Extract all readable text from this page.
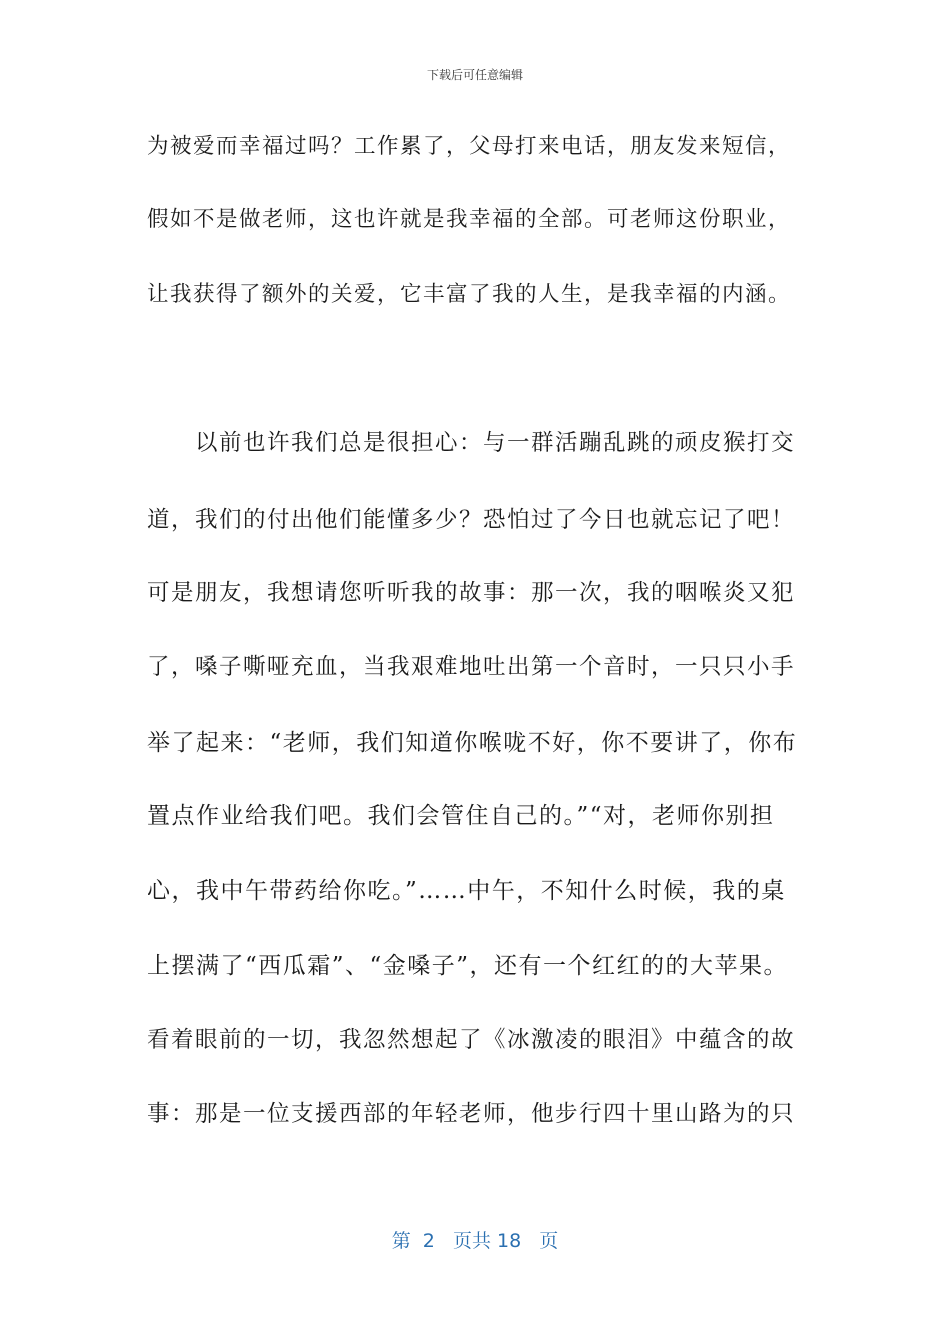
下载后可任意编辑
为被爱而幸福过吗？工作累了，父母打来电话，朋友发来短信，
假如不是做老师，这也许就是我幸福的全部。可老师这份职业，
让我获得了额外的关爱，它丰富了我的人生，是我幸福的内涵。
以前也许我们总是很担心：与一群活蹦乱跳的顽皮猴打交
道，我们的付出他们能懂多少？恐怕过了今日也就忘记了吧！
可是朋友，我想请您听听我的故事：那一次，我的咽喉炎又犯
了，嗓子嘶哑充血，当我艰难地吐出第一个音时，一只只小手
举了起来：“老师，我们知道你喉咙不好，你不要讲了，你布
置点作业给我们吧。我们会管住自己的。”“对，老师你别担
心，我中午带药给你吃。”……中午，不知什么时候，我的桌
上摆满了“西瓜霜”、“金嗓子”，还有一个红红的的大苹果。
看着眼前的一切，我忽然想起了《冰激凌的眼泪》中蕴含的故
事：那是一位支援西部的年轻老师，他步行四十里山路为的只
第  2   页共 18   页
